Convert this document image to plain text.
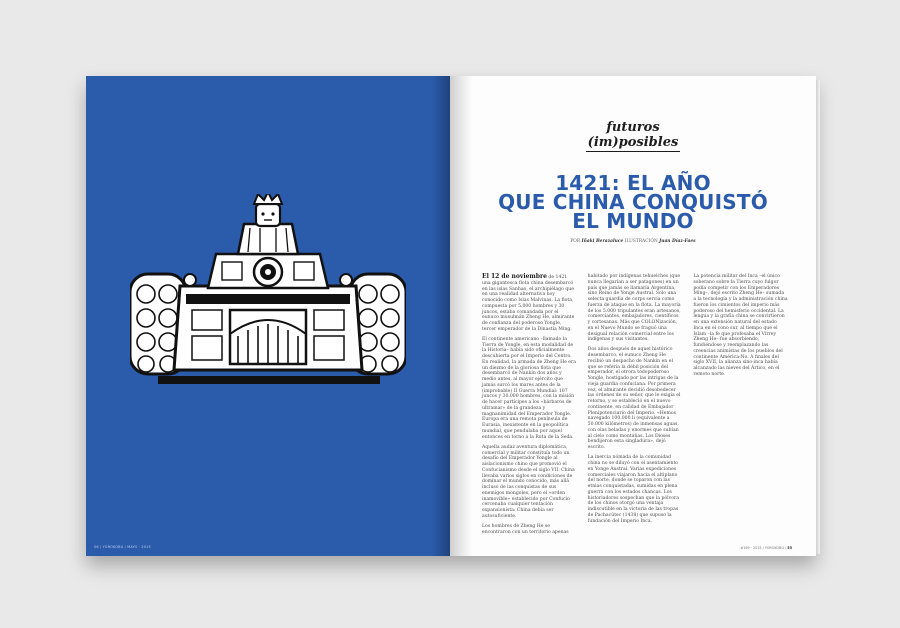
06 / YOROKOBU / MAYO · 2015
futuros (im)posibles
1421: EL AÑO
QUE CHINA CONQUISTÓ
EL MUNDO
POR Iñaki Berazaluce ILUSTRACIÓN Juan Díaz-Faes

El 12 de noviembre de 1421 una gigantesca flota china desembarcó en las islas Sanhao, el archipiélago que en una realidad alternativa hoy conocido como Islas Malvinas. La flota, compuesta por 5.000 hombres y 30 juncos, estaba comandada por el eunuco musulmán Zheng He, almirante de confianza del poderoso Yongle, tercer emperador de la Dinastía Ming.

El continente americano –llamado la Tierra de Yongle, en esta modalidad de la Historia– había sido oficialmente descubierta por el Imperio del Centro. En realidad, la armada de Zheng He era un diezmo de la gloriosa flota que desembarcó de Nankín dos años y medio antes, al mayor ejército que jamás surcó los mares antes de la (improbable) II Guerra Mundial: 107 juncos y 30.000 hombres, con la misión de hacer partícipes a los «bárbaros de ultramar» de la grandeza y magnanimidad del Emperador Yongle. Europa era una remota península de Eurasia, inexistente en la geopolítica mundial, que pendulaba por aquel entonces en torno a la Ruta de la Seda.

Aquella audaz aventura diplomática, comercial y militar constituía todo un desafío del Emperador Yongle al aislacionismo chino que promovió el Confucianismo desde el siglo VII. China llevaba varios siglos en condiciones de dominar el mundo conocido, más allá incluso de las conquistas de sus enemigos mongoles, pero el «orden inamovible» establecido por Confucio cercenaba cualquier tentación expansionista: China debía ser autosuficiente.

Los hombres de Zheng He se encontraron con un territorio apenas habitado por indígenas tehuelches (que nunca llegarían a ser patagones) en un país que jamás se llamaría Argentina, sino Reino de Yonge Austral. Solo una selecta guardia de corps servía como fuerza de ataque en la flota. La mayoría de los 5.000 tripulantes eran artesanos, comerciantes, embajadores, científicos y cortesanas. Más que COLONización, en el Nuevo Mundo se fraguó una desigual relación comercial entre los indígenas y sus visitantes.

Dos años después de aquel histórico desembarco, el eunuco Zheng He recibió un despacho de Nankín en el que se refería la débil posición del emperador, el otrora todopoderoso Yongle, hostigado por las intrigas de la vieja guardia confuciana. Por primera vez, el almirante decidió desobedecer las órdenes de su señor, que le exigía el retorno, y se estableció en el nuevo continente, en calidad de Embajador Plenipotenciario del Imperio. «Hemos navegado 100.000 li (equivalente a 50.000 kilómetros) de inmensas aguas, con olas beladas y enormes que subían al cielo como montañas. Los Dioses bendijeron esta singladura», dejó escrito.

La inercia nómada de la comunidad china no se diluyó con el asentamiento en Yonge Austral. Varias expediciones comerciales viajaron hacia el altiplano del norte, donde se toparon con las etnias conquistadas, sumidas en plena guerra con los estados chancas. Los historiadores sospechan que la pólvora de los chinos otorgó una ventaja indiscutible en la victoria de las tropas de Pachacútec (1438) que supuso la fundación del Imperio Inca.

La potencia militar del Inca –el único soberano sobre la Tierra cuyo fulgor podía competir con los Emperadores Ming–, dejó escrito Zheng He– sumada a la tecnología y la administración china fueron los cimientos del imperio más poderoso del hemisferio occidental. La lengua y la grafía china se convirtieron en una extensión natural del estado Inca en el cono sur, al tiempo que el Islam –la fe que profesaba el Virrey Zheng He– fue absorbiendo, fundiéndose y reemplazando las creencias animistas de los pueblos del continente América-No. A finales del siglo XVII, la alianza sino-inca había alcanzado las nieves del Ártico, en el remoto norte.

#169 · 2015 / YOROKOBU / 55
